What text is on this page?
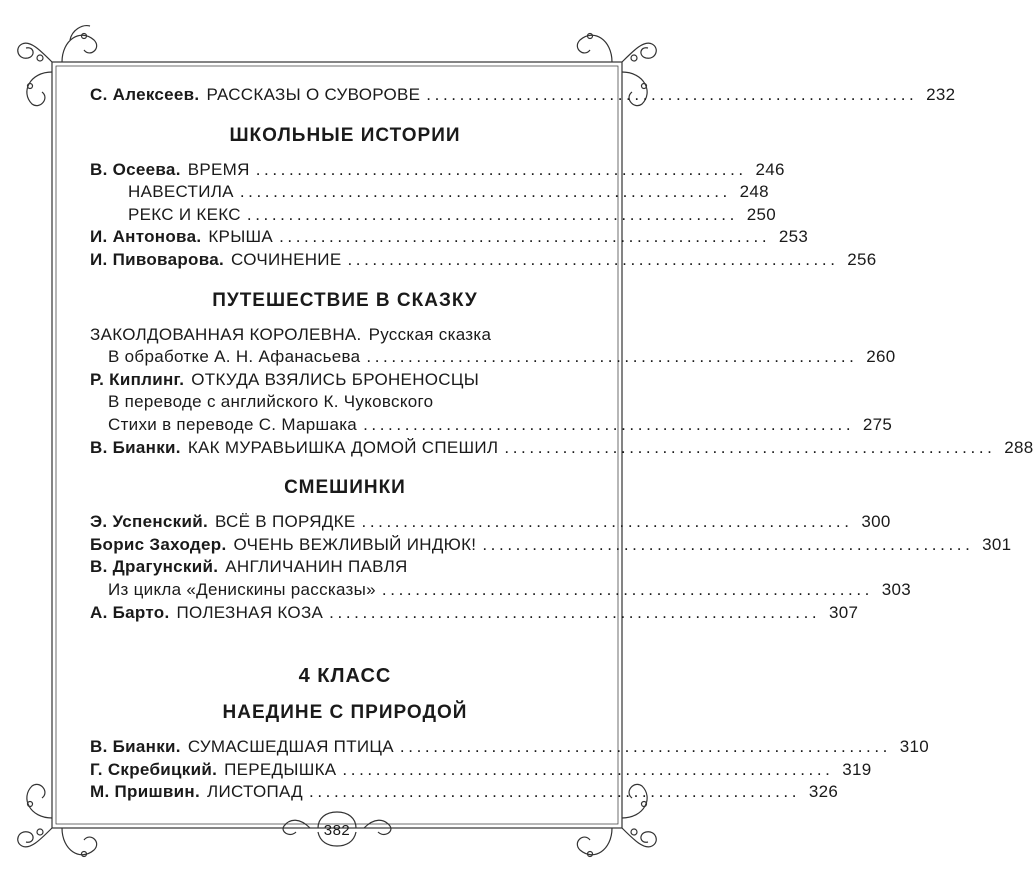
С. Алексеев. РАССКАЗЫ О СУВОРОВЕ ........................................................... 232
ШКОЛЬНЫЕ ИСТОРИИ
В. Осеева. ВРЕМЯ ........................................................... 246
НАВЕСТИЛА ........................................................... 248
РЕКС И КЕКС ........................................................... 250
И. Антонова. КРЫША ........................................................... 253
И. Пивоварова. СОЧИНЕНИЕ ........................................................... 256
ПУТЕШЕСТВИЕ В СКАЗКУ
ЗАКОЛДОВАННАЯ КОРОЛЕВНА. Русская сказка
В обработке А. Н. Афанасьева ........................................................... 260
Р. Киплинг. ОТКУДА ВЗЯЛИСЬ БРОНЕНОСЦЫ
В переводе с английского К. Чуковского
Стихи в переводе С. Маршака ........................................................... 275
В. Бианки. КАК МУРАВЬИШКА ДОМОЙ СПЕШИЛ ........................................................... 288
СМЕШИНКИ
Э. Успенский. ВСЁ В ПОРЯДКЕ ........................................................... 300
Борис Заходер. ОЧЕНЬ ВЕЖЛИВЫЙ ИНДЮК! ........................................................... 301
В. Драгунский. АНГЛИЧАНИН ПАВЛЯ
Из цикла «Денискины рассказы» ........................................................... 303
А. Барто. ПОЛЕЗНАЯ КОЗА ........................................................... 307
4 КЛАСС
НАЕДИНЕ С ПРИРОДОЙ
В. Бианки. СУМАСШЕДШАЯ ПТИЦА ........................................................... 310
Г. Скребицкий. ПЕРЕДЫШКА ........................................................... 319
М. Пришвин. ЛИСТОПАД ........................................................... 326
382
